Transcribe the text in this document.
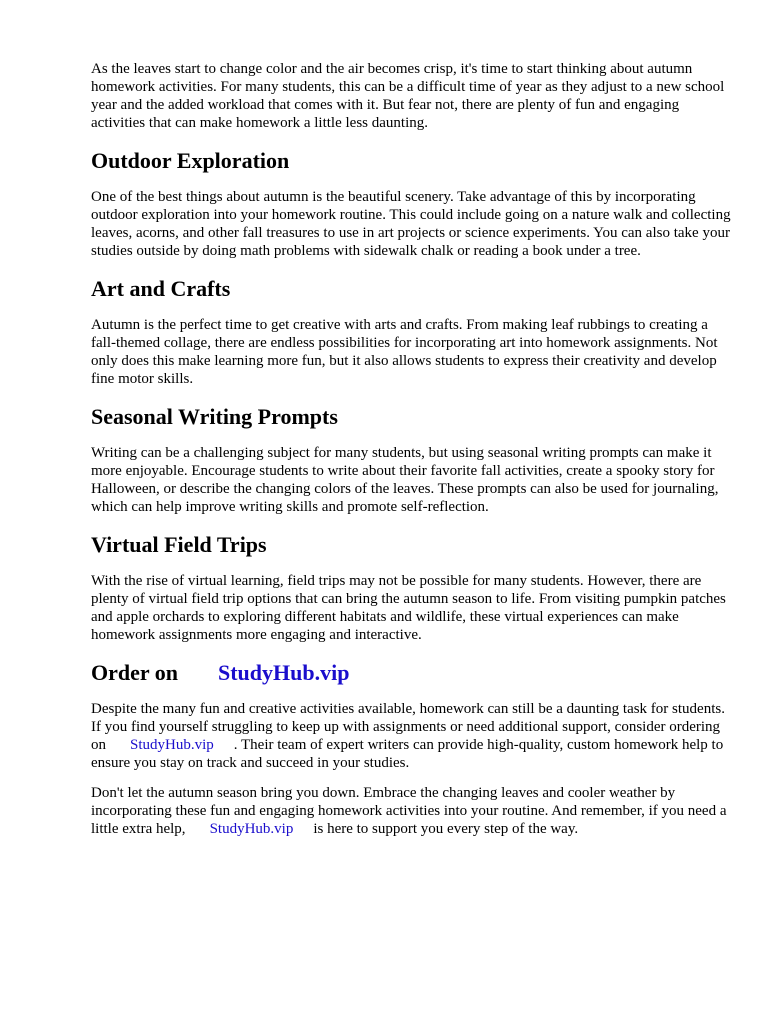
As the leaves start to change color and the air becomes crisp, it's time to start thinking about autumn homework activities. For many students, this can be a difficult time of year as they adjust to a new school year and the added workload that comes with it. But fear not, there are plenty of fun and engaging activities that can make homework a little less daunting.

Outdoor Exploration

One of the best things about autumn is the beautiful scenery. Take advantage of this by incorporating outdoor exploration into your homework routine. This could include going on a nature walk and collecting leaves, acorns, and other fall treasures to use in art projects or science experiments. You can also take your studies outside by doing math problems with sidewalk chalk or reading a book under a tree.

Art and Crafts

Autumn is the perfect time to get creative with arts and crafts. From making leaf rubbings to creating a fall-themed collage, there are endless possibilities for incorporating art into homework assignments. Not only does this make learning more fun, but it also allows students to express their creativity and develop fine motor skills.

Seasonal Writing Prompts

Writing can be a challenging subject for many students, but using seasonal writing prompts can make it more enjoyable. Encourage students to write about their favorite fall activities, create a spooky story for Halloween, or describe the changing colors of the leaves. These prompts can also be used for journaling, which can help improve writing skills and promote self-reflection.

Virtual Field Trips

With the rise of virtual learning, field trips may not be possible for many students. However, there are plenty of virtual field trip options that can bring the autumn season to life. From visiting pumpkin patches and apple orchards to exploring different habitats and wildlife, these virtual experiences can make homework assignments more engaging and interactive.

Order on StudyHub.vip

Despite the many fun and creative activities available, homework can still be a daunting task for students. If you find yourself struggling to keep up with assignments or need additional support, consider ordering on StudyHub.vip . Their team of expert writers can provide high-quality, custom homework help to ensure you stay on track and succeed in your studies.

Don't let the autumn season bring you down. Embrace the changing leaves and cooler weather by incorporating these fun and engaging homework activities into your routine. And remember, if you need a little extra help, StudyHub.vip is here to support you every step of the way.
